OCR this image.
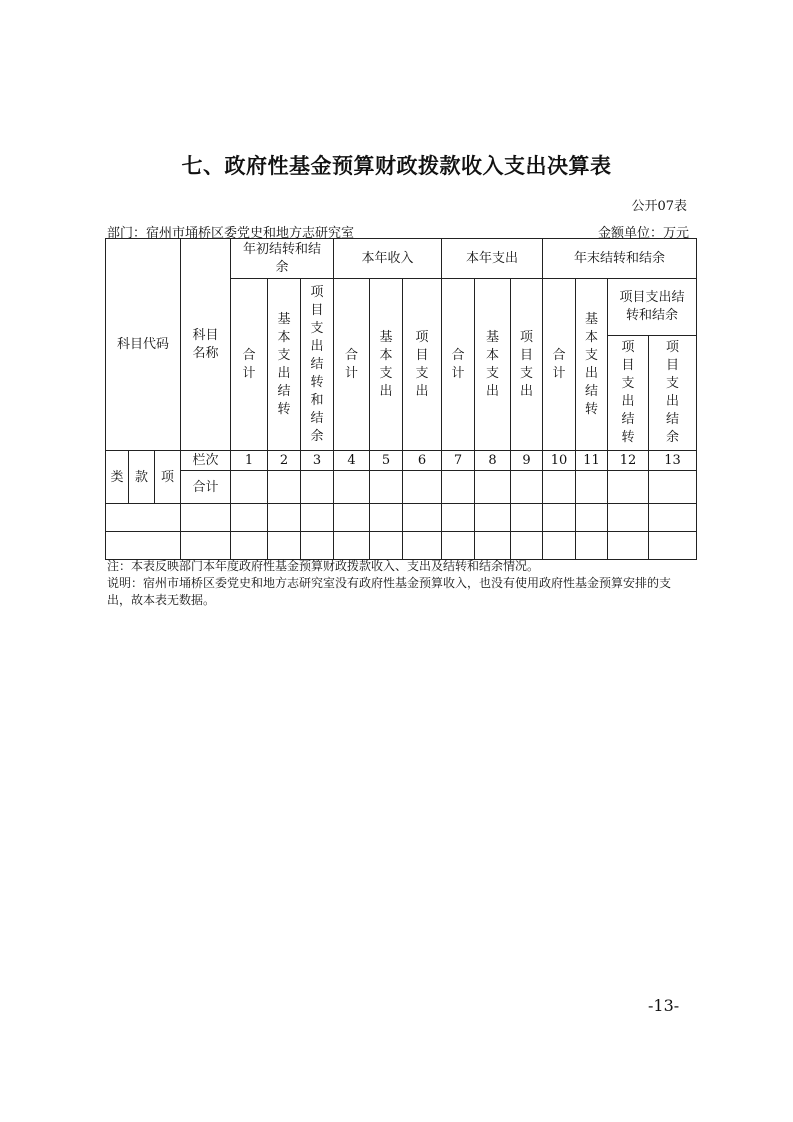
七、政府性基金预算财政拨款收入支出决算表
公开07表
部门：宿州市埇桥区委党史和地方志研究室	金额单位：万元
科目代码			科目名称	年初结转和结余			本年收入			本年支出			年末结转和结余				

				合计	基本支出结转	项目支出结转和结余	合计	基本支出	项目支出	合计	基本支出	项目支出	合计	基本支出结转	项目支出结转和结余		

															项目支出结转	项目支出结余	

类	款	项	栏次	1	2	3	4	5	6	7	8	9	10	11	12	13	
			合计														

注：本表反映部门本年度政府性基金预算财政拨款收入、支出及结转和结余情况。
说明：宿州市埇桥区委党史和地方志研究室没有政府性基金预算收入，也没有使用政府性基金预算安排的支出，故本表无数据。
-13-
